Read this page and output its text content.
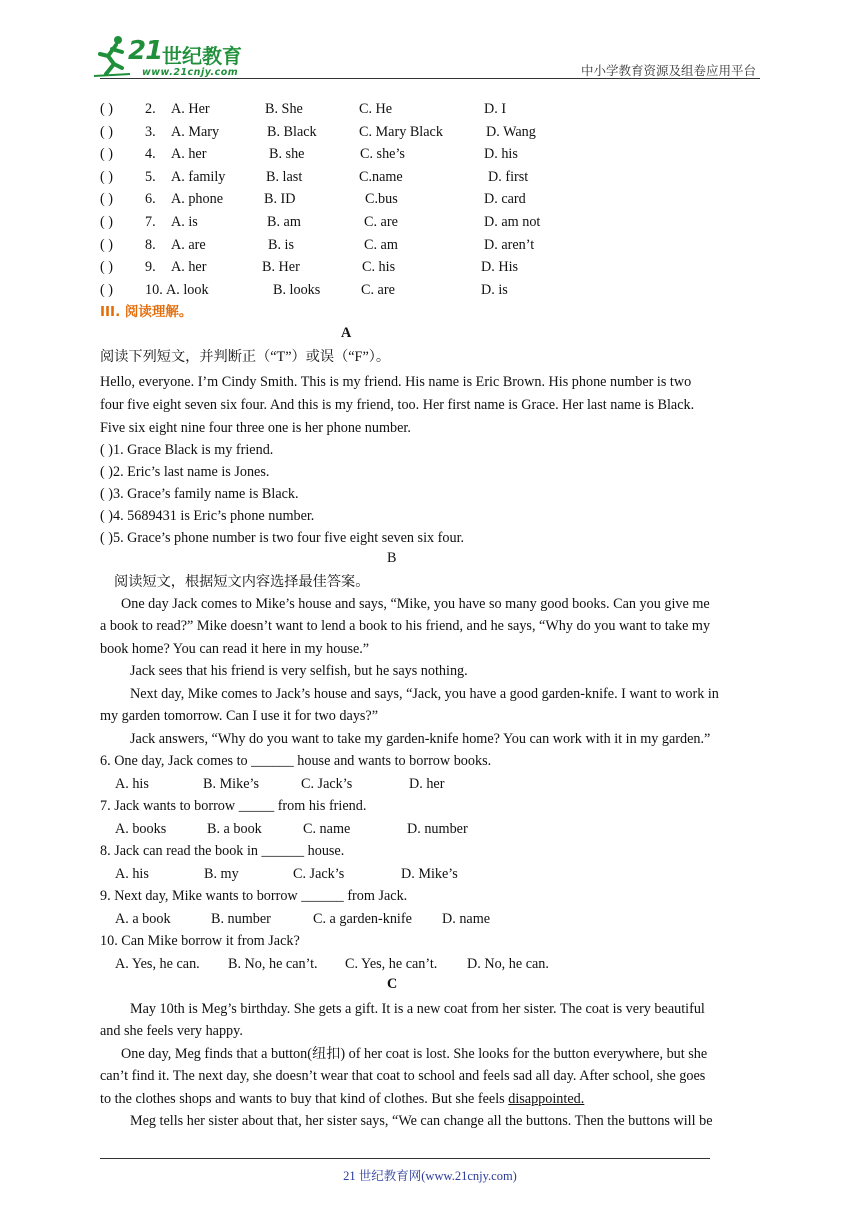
21 世纪教育
www.21cnjy.com	中小学教育资源及组卷应用平台
( ) 2. A. Her	B. She	C. He	D. I
( ) 3. A. Mary	B. Black	C. Mary Black	D. Wang
( ) 4. A. her	B. she	C. she’s	D. his
( ) 5. A. family	B. last	C.name	D. first
( ) 6. A. phone	B. ID	C.bus	D. card
( ) 7. A. is	B. am	C. are	D. am not
( ) 8. A. are	B. is	C. am	D. aren’t
( ) 9. A. her	B. Her	C. his	D. His
( ) 10. A. look	B. looks	C. are	D. is
III. 阅读理解。
A
阅读下列短文，并判断正（“T”）或误（“F”）。
Hello, everyone. I’m Cindy Smith. This is my friend. His name is Eric Brown. His phone number is two
four five eight seven six four. And this is my friend, too. Her first name is Grace. Her last name is Black.
Five six eight nine four three one is her phone number.
( )1. Grace Black is my friend.
( )2. Eric’s last name is Jones.
( )3. Grace’s family name is Black.
( )4. 5689431 is Eric’s phone number.
( )5. Grace’s phone number is two four five eight seven six four.
B
阅读短文，根据短文内容选择最佳答案。
One day Jack comes to Mike’s house and says, “Mike, you have so many good books. Can you give me
a book to read?” Mike doesn’t want to lend a book to his friend, and he says, “Why do you want to take my
book home? You can read it here in my house.”
Jack sees that his friend is very selfish, but he says nothing.
Next day, Mike comes to Jack’s house and says, “Jack, you have a good garden-knife. I want to work in
my garden tomorrow. Can I use it for two days?”
Jack answers, “Why do you want to take my garden-knife home? You can work with it in my garden.”
6. One day, Jack comes to ______ house and wants to borrow books.
A. his	B. Mike’s	C. Jack’s	D. her
7. Jack wants to borrow _____ from his friend.
A. books	B. a book	C. name	D. number
8. Jack can read the book in ______ house.
A. his	B. my	C. Jack’s	D. Mike’s
9. Next day, Mike wants to borrow ______ from Jack.
A. a book	B. number	C. a garden-knife D. name
10. Can Mike borrow it from Jack?
A. Yes, he can. B. No, he can’t. C. Yes, he can’t. D. No, he can.
C
May 10th is Meg’s birthday. She gets a gift. It is a new coat from her sister. The coat is very beautiful
and she feels very happy.
One day, Meg finds that a button(纽扣) of her coat is lost. She looks for the button everywhere, but she
can’t find it. The next day, she doesn’t wear that coat to school and feels sad all day. After school, she goes
to the clothes shops and wants to buy that kind of clothes. But she feels disappointed.
Meg tells her sister about that, her sister says, “We can change all the buttons. Then the buttons will be
21 世纪教育网(www.21cnjy.com)
